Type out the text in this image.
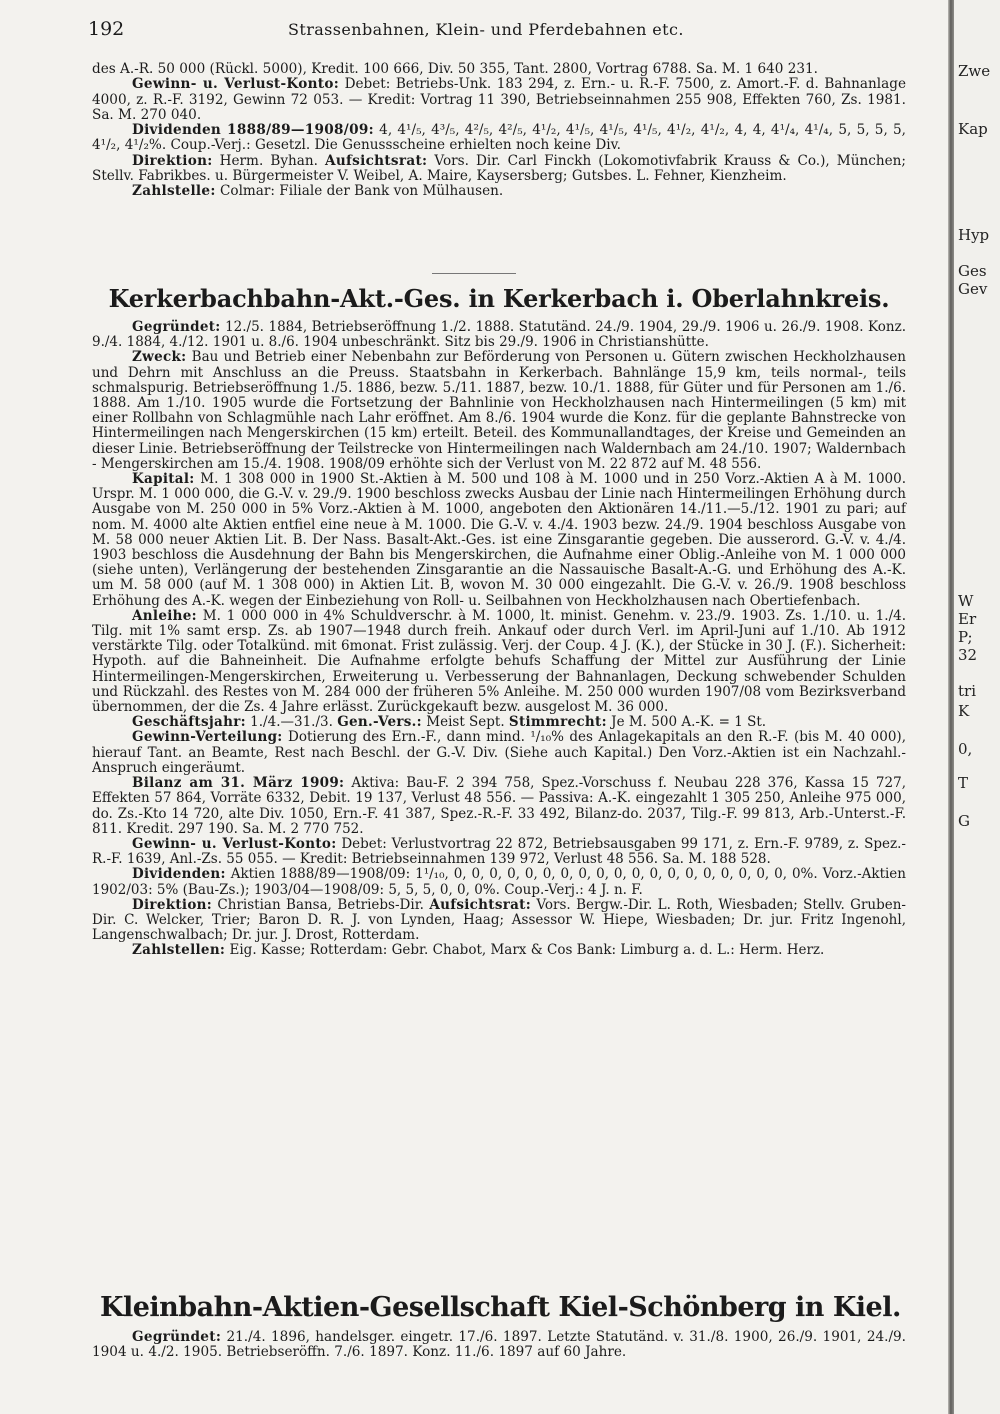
192	Strassenbahnen, Klein- und Pferdebahnen etc.

des A.-R. 50 000 (Rückl. 5000), Kredit. 100 666, Div. 50 355, Tant. 2800, Vortrag 6788. Sa. M. 1 640 231.

Gewinn- u. Verlust-Konto: Debet: Betriebs-Unk. 183 294, z. Ern.- u. R.-F. 7500, z. Amort.-F. d. Bahnanlage 4000, z. R.-F. 3192, Gewinn 72 053. — Kredit: Vortrag 11 390, Betriebseinnahmen 255 908, Effekten 760, Zs. 1981. Sa. M. 270 040.

Dividenden 1888/89—1908/09: 4, 4¹/₅, 4³/₅, 4²/₅, 4²/₅, 4¹/₂, 4¹/₅, 4¹/₅, 4¹/₅, 4¹/₂, 4¹/₂, 4, 4, 4¹/₄, 4¹/₄, 5, 5, 5, 5, 4¹/₂, 4¹/₂%. Coup.-Verj.: Gesetzl. Die Genussscheine erhielten noch keine Div.

Direktion: Herm. Byhan. Aufsichtsrat: Vors. Dir. Carl Finckh (Lokomotivfabrik Krauss & Co.), München; Stellv. Fabrikbes. u. Bürgermeister V. Weibel, A. Maire, Kaysersberg; Gutsbes. L. Fehner, Kienzheim.

Zahlstelle: Colmar: Filiale der Bank von Mülhausen.

Kerkerbachbahn-Akt.-Ges. in Kerkerbach i. Oberlahnkreis.

Gegründet: 12./5. 1884, Betriebseröffnung 1./2. 1888. Statutänd. 24./9. 1904, 29./9. 1906 u. 26./9. 1908. Konz. 9./4. 1884, 4./12. 1901 u. 8./6. 1904 unbeschränkt. Sitz bis 29./9. 1906 in Christianshütte.

Zweck: Bau und Betrieb einer Nebenbahn zur Beförderung von Personen u. Gütern zwischen Heckholzhausen und Dehrn mit Anschluss an die Preuss. Staatsbahn in Kerkerbach. Bahnlänge 15,9 km, teils normal-, teils schmalspurig. Betriebseröffnung 1./5. 1886, bezw. 5./11. 1887, bezw. 10./1. 1888, für Güter und für Personen am 1./6. 1888. Am 1./10. 1905 wurde die Fortsetzung der Bahnlinie von Heckholzhausen nach Hintermeilingen (5 km) mit einer Rollbahn von Schlagmühle nach Lahr eröffnet. Am 8./6. 1904 wurde die Konz. für die geplante Bahnstrecke von Hintermeilingen nach Mengerskirchen (15 km) erteilt. Beteil. des Kommunallandtages, der Kreise und Gemeinden an dieser Linie. Betriebseröffnung der Teilstrecke von Hintermeilingen nach Waldernbach am 24./10. 1907; Waldernbach - Mengerskirchen am 15./4. 1908. 1908/09 erhöhte sich der Verlust von M. 22 872 auf M. 48 556.

Kapital: M. 1 308 000 in 1900 St.-Aktien à M. 500 und 108 à M. 1000 und in 250 Vorz.-Aktien A à M. 1000. Urspr. M. 1 000 000, die G.-V. v. 29./9. 1900 beschloss zwecks Ausbau der Linie nach Hintermeilingen Erhöhung durch Ausgabe von M. 250 000 in 5% Vorz.-Aktien à M. 1000, angeboten den Aktionären 14./11.—5./12. 1901 zu pari; auf nom. M. 4000 alte Aktien entfiel eine neue à M. 1000. Die G.-V. v. 4./4. 1903 bezw. 24./9. 1904 beschloss Ausgabe von M. 58 000 neuer Aktien Lit. B. Der Nass. Basalt-Akt.-Ges. ist eine Zinsgarantie gegeben. Die ausserord. G.-V. v. 4./4. 1903 beschloss die Ausdehnung der Bahn bis Mengerskirchen, die Aufnahme einer Oblig.-Anleihe von M. 1 000 000 (siehe unten), Verlängerung der bestehenden Zinsgarantie an die Nassauische Basalt-A.-G. und Erhöhung des A.-K. um M. 58 000 (auf M. 1 308 000) in Aktien Lit. B, wovon M. 30 000 eingezahlt. Die G.-V. v. 26./9. 1908 beschloss Erhöhung des A.-K. wegen der Einbeziehung von Roll- u. Seilbahnen von Heckholzhausen nach Obertiefenbach.

Anleihe: M. 1 000 000 in 4% Schuldverschr. à M. 1000, lt. minist. Genehm. v. 23./9. 1903. Zs. 1./10. u. 1./4. Tilg. mit 1% samt ersp. Zs. ab 1907—1948 durch freih. Ankauf oder durch Verl. im April-Juni auf 1./10. Ab 1912 verstärkte Tilg. oder Totalkünd. mit 6monat. Frist zulässig. Verj. der Coup. 4 J. (K.), der Stücke in 30 J. (F.). Sicherheit: Hypoth. auf die Bahneinheit. Die Aufnahme erfolgte behufs Schaffung der Mittel zur Ausführung der Linie Hintermeilingen-Mengerskirchen, Erweiterung u. Verbesserung der Bahnanlagen, Deckung schwebender Schulden und Rückzahl. des Restes von M. 284 000 der früheren 5% Anleihe. M. 250 000 wurden 1907/08 vom Bezirksverband übernommen, der die Zs. 4 Jahre erlässt. Zurückgekauft bezw. ausgelost M. 36 000.

Geschäftsjahr: 1./4.—31./3. Gen.-Vers.: Meist Sept. Stimmrecht: Je M. 500 A.-K. = 1 St.

Gewinn-Verteilung: Dotierung des Ern.-F., dann mind. ¹/₁₀% des Anlagekapitals an den R.-F. (bis M. 40 000), hierauf Tant. an Beamte, Rest nach Beschl. der G.-V. Div. (Siehe auch Kapital.) Den Vorz.-Aktien ist ein Nachzahl.-Anspruch eingeräumt.

Bilanz am 31. März 1909: Aktiva: Bau-F. 2 394 758, Spez.-Vorschuss f. Neubau 228 376, Kassa 15 727, Effekten 57 864, Vorräte 6332, Debit. 19 137, Verlust 48 556. — Passiva: A.-K. eingezahlt 1 305 250, Anleihe 975 000, do. Zs.-Kto 14 720, alte Div. 1050, Ern.-F. 41 387, Spez.-R.-F. 33 492, Bilanz-do. 2037, Tilg.-F. 99 813, Arb.-Unterst.-F. 811. Kredit. 297 190. Sa. M. 2 770 752.

Gewinn- u. Verlust-Konto: Debet: Verlustvortrag 22 872, Betriebsausgaben 99 171, z. Ern.-F. 9789, z. Spez.-R.-F. 1639, Anl.-Zs. 55 055. — Kredit: Betriebseinnahmen 139 972, Verlust 48 556. Sa. M. 188 528.

Dividenden: Aktien 1888/89—1908/09: 1¹/₁₀, 0, 0, 0, 0, 0, 0, 0, 0, 0, 0, 0, 0, 0, 0, 0, 0, 0, 0, 0, 0%. Vorz.-Aktien 1902/03: 5% (Bau-Zs.); 1903/04—1908/09: 5, 5, 5, 0, 0, 0%. Coup.-Verj.: 4 J. n. F.

Direktion: Christian Bansa, Betriebs-Dir. Aufsichtsrat: Vors. Bergw.-Dir. L. Roth, Wiesbaden; Stellv. Gruben-Dir. C. Welcker, Trier; Baron D. R. J. von Lynden, Haag; Assessor W. Hiepe, Wiesbaden; Dr. jur. Fritz Ingenohl, Langenschwalbach; Dr. jur. J. Drost, Rotterdam.

Zahlstellen: Eig. Kasse; Rotterdam: Gebr. Chabot, Marx & Cos Bank: Limburg a. d. L.: Herm. Herz.

Kleinbahn-Aktien-Gesellschaft Kiel-Schönberg in Kiel.

Gegründet: 21./4. 1896, handelsger. eingetr. 17./6. 1897. Letzte Statutänd. v. 31./8. 1900, 26./9. 1901, 24./9. 1904 u. 4./2. 1905. Betriebseröffn. 7./6. 1897. Konz. 11./6. 1897 auf 60 Jahre.

Zwe
Kap
Hyp
Ges
Gev
W
Er
P;
32
tri
K
0,
T
G
